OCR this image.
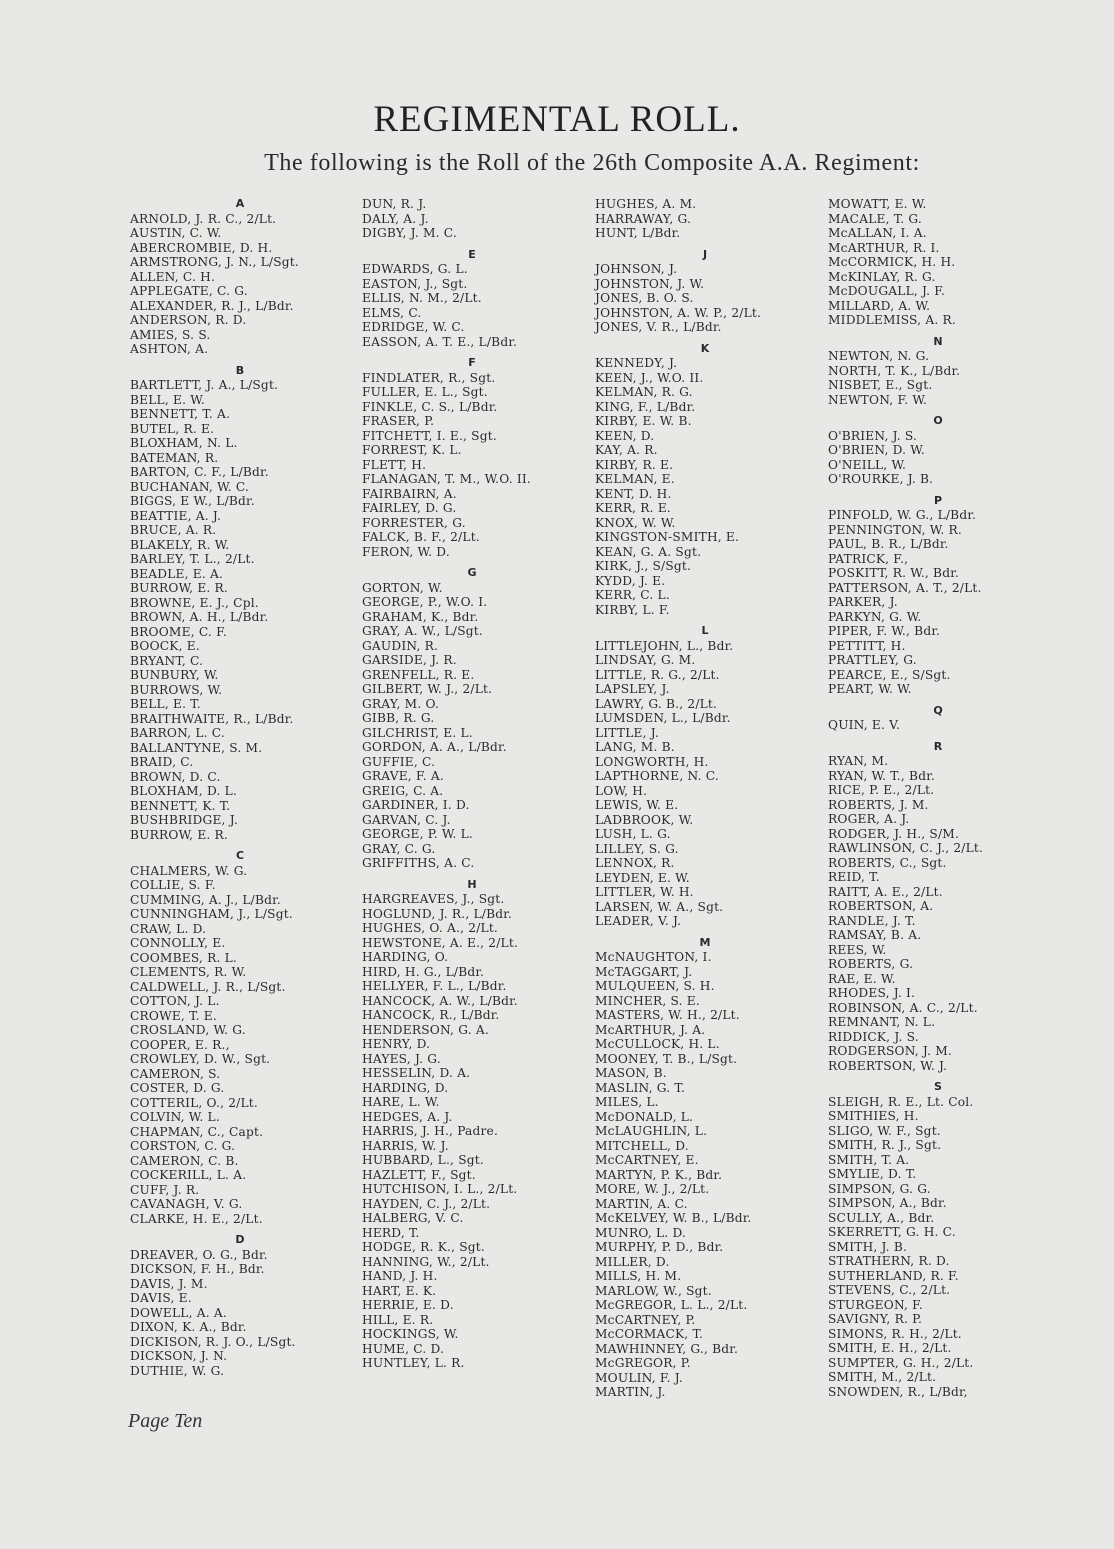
REGIMENTAL ROLL.
The following is the Roll of the 26th Composite A.A. Regiment:
A
ARNOLD, J. R. C., 2/Lt.
AUSTIN, C. W.
ABERCROMBIE, D. H.
ARMSTRONG, J. N., L/Sgt.
ALLEN, C. H.
APPLEGATE, C. G.
ALEXANDER, R. J., L/Bdr.
ANDERSON, R. D.
AMIES, S. S.
ASHTON, A.
B
BARTLETT, J. A., L/Sgt.
BELL, E. W.
BENNETT, T. A.
BUTEL, R. E.
BLOXHAM, N. L.
BATEMAN, R.
BARTON, C. F., L/Bdr.
BUCHANAN, W. C.
BIGGS, E W., L/Bdr.
BEATTIE, A. J.
BRUCE, A. R.
BLAKELY, R. W.
BARLEY, T. L., 2/Lt.
BEADLE, E. A.
BURROW, E. R.
BROWNE, E. J., Cpl.
BROWN, A. H., L/Bdr.
BROOME, C. F.
BOOCK, E.
BRYANT, C.
BUNBURY, W.
BURROWS, W.
BELL, E. T.
BRAITHWAITE, R., L/Bdr.
BARRON, L. C.
BALLANTYNE, S. M.
BRAID, C.
BROWN, D. C.
BLOXHAM, D. L.
BENNETT, K. T.
BUSHBRIDGE, J.
BURROW, E. R.
C
CHALMERS, W. G.
COLLIE, S. F.
CUMMING, A. J., L/Bdr.
CUNNINGHAM, J., L/Sgt.
CRAW, L. D.
CONNOLLY, E.
COOMBES, R. L.
CLEMENTS, R. W.
CALDWELL, J. R., L/Sgt.
COTTON, J. L.
CROWE, T. E.
CROSLAND, W. G.
COOPER, E. R.,
CROWLEY, D. W., Sgt.
CAMERON, S.
COSTER, D. G.
COTTERIL, O., 2/Lt.
COLVIN, W. L.
CHAPMAN, C., Capt.
CORSTON, C. G.
CAMERON, C. B.
COCKERILL, L. A.
CUFF, J. R.
CAVANAGH, V. G.
CLARKE, H. E., 2/Lt.
D
DREAVER, O. G., Bdr.
DICKSON, F. H., Bdr.
DAVIS, J. M.
DAVIS, E.
DOWELL, A. A.
DIXON, K. A., Bdr.
DICKISON, R. J. O., L/Sgt.
DICKSON, J. N.
DUTHIE, W. G.
DUN, R. J.
DALY, A. J.
DIGBY, J. M. C.
E
EDWARDS, G. L.
EASTON, J., Sgt.
ELLIS, N. M., 2/Lt.
ELMS, C.
EDRIDGE, W. C.
EASSON, A. T. E., L/Bdr.
F
FINDLATER, R., Sgt.
FULLER, E. L., Sgt.
FINKLE, C. S., L/Bdr.
FRASER, P.
FITCHETT, I. E., Sgt.
FORREST, K. L.
FLETT, H.
FLANAGAN, T. M., W.O. II.
FAIRBAIRN, A.
FAIRLEY, D. G.
FORRESTER, G.
FALCK, B. F., 2/Lt.
FERON, W. D.
G
GORTON, W.
GEORGE, P., W.O. I.
GRAHAM, K., Bdr.
GRAY, A. W., L/Sgt.
GAUDIN, R.
GARSIDE, J. R.
GRENFELL, R. E.
GILBERT, W. J., 2/Lt.
GRAY, M. O.
GIBB, R. G.
GILCHRIST, E. L.
GORDON, A. A., L/Bdr.
GUFFIE, C.
GRAVE, F. A.
GREIG, C. A.
GARDINER, I. D.
GARVAN, C. J.
GEORGE, P. W. L.
GRAY, C. G.
GRIFFITHS, A. C.
H
HARGREAVES, J., Sgt.
HOGLUND, J. R., L/Bdr.
HUGHES, O. A., 2/Lt.
HEWSTONE, A. E., 2/Lt.
HARDING, O.
HIRD, H. G., L/Bdr.
HELLYER, F. L., L/Bdr.
HANCOCK, A. W., L/Bdr.
HANCOCK, R., L/Bdr.
HENDERSON, G. A.
HENRY, D.
HAYES, J. G.
HESSELIN, D. A.
HARDING, D.
HARE, L. W.
HEDGES, A. J.
HARRIS, J. H., Padre.
HARRIS, W. J.
HUBBARD, L., Sgt.
HAZLETT, F., Sgt.
HUTCHISON, I. L., 2/Lt.
HAYDEN, C. J., 2/Lt.
HALBERG, V. C.
HERD, T.
HODGE, R. K., Sgt.
HANNING, W., 2/Lt.
HAND, J. H.
HART, E. K.
HERRIE, E. D.
HILL, E. R.
HOCKINGS, W.
HUME, C. D.
HUNTLEY, L. R.
HUGHES, A. M.
HARRAWAY, G.
HUNT, L/Bdr.
J
JOHNSON, J.
JOHNSTON, J. W.
JONES, B. O. S.
JOHNSTON, A. W. P., 2/Lt.
JONES, V. R., L/Bdr.
K
KENNEDY, J.
KEEN, J., W.O. II.
KELMAN, R. G.
KING, F., L/Bdr.
KIRBY, E. W. B.
KEEN, D.
KAY, A. R.
KIRBY, R. E.
KELMAN, E.
KENT, D. H.
KERR, R. E.
KNOX, W. W.
KINGSTON-SMITH, E.
KEAN, G. A. Sgt.
KIRK, J., S/Sgt.
KYDD, J. E.
KERR, C. L.
KIRBY, L. F.
L
LITTLEJOHN, L., Bdr.
LINDSAY, G. M.
LITTLE, R. G., 2/Lt.
LAPSLEY, J.
LAWRY, G. B., 2/Lt.
LUMSDEN, L., L/Bdr.
LITTLE, J.
LANG, M. B.
LONGWORTH, H.
LAPTHORNE, N. C.
LOW, H.
LEWIS, W. E.
LADBROOK, W.
LUSH, L. G.
LILLEY, S. G.
LENNOX, R.
LEYDEN, E. W.
LITTLER, W. H.
LARSEN, W. A., Sgt.
LEADER, V. J.
M
McNAUGHTON, I.
McTAGGART, J.
MULQUEEN, S. H.
MINCHER, S. E.
MASTERS, W. H., 2/Lt.
McARTHUR, J. A.
McCULLOCK, H. L.
MOONEY, T. B., L/Sgt.
MASON, B.
MASLIN, G. T.
MILES, L.
McDONALD, L.
McLAUGHLIN, L.
MITCHELL, D.
McCARTNEY, E.
MARTYN, P. K., Bdr.
MORE, W. J., 2/Lt.
MARTIN, A. C.
McKELVEY, W. B., L/Bdr.
MUNRO, L. D.
MURPHY, P. D., Bdr.
MILLER, D.
MILLS, H. M.
MARLOW, W., Sgt.
McGREGOR, L. L., 2/Lt.
McCARTNEY, P.
McCORMACK, T.
MAWHINNEY, G., Bdr.
McGREGOR, P.
MOULIN, F. J.
MARTIN, J.
MOWATT, E. W.
MACALE, T. G.
McALLAN, I. A.
McARTHUR, R. I.
McCORMICK, H. H.
McKINLAY, R. G.
McDOUGALL, J. F.
MILLARD, A. W.
MIDDLEMISS, A. R.
N
NEWTON, N. G.
NORTH, T. K., L/Bdr.
NISBET, E., Sgt.
NEWTON, F. W.
O
O'BRIEN, J. S.
O'BRIEN, D. W.
O'NEILL, W.
O'ROURKE, J. B.
P
PINFOLD, W. G., L/Bdr.
PENNINGTON, W. R.
PAUL, B. R., L/Bdr.
PATRICK, F.,
POSKITT, R. W., Bdr.
PATTERSON, A. T., 2/Lt.
PARKER, J.
PARKYN, G. W.
PIPER, F. W., Bdr.
PETTITT, H.
PRATTLEY, G.
PEARCE, E., S/Sgt.
PEART, W. W.
Q
QUIN, E. V.
R
RYAN, M.
RYAN, W. T., Bdr.
RICE, P. E., 2/Lt.
ROBERTS, J. M.
ROGER, A. J.
RODGER, J. H., S/M.
RAWLINSON, C. J., 2/Lt.
ROBERTS, C., Sgt.
REID, T.
RAITT, A. E., 2/Lt.
ROBERTSON, A.
RANDLE, J. T.
RAMSAY, B. A.
REES, W.
ROBERTS, G.
RAE, E. W.
RHODES, J. I.
ROBINSON, A. C., 2/Lt.
REMNANT, N. L.
RIDDICK, J. S.
RODGERSON, J. M.
ROBERTSON, W. J.
S
SLEIGH, R. E., Lt. Col.
SMITHIES, H.
SLIGO, W. F., Sgt.
SMITH, R. J., Sgt.
SMITH, T. A.
SMYLIE, D. T.
SIMPSON, G. G.
SIMPSON, A., Bdr.
SCULLY, A., Bdr.
SKERRETT, G. H. C.
SMITH, J. B.
STRATHERN, R. D.
SUTHERLAND, R. F.
STEVENS, C., 2/Lt.
STURGEON, F.
SAVIGNY, R. P.
SIMONS, R. H., 2/Lt.
SMITH, E. H., 2/Lt.
SUMPTER, G. H., 2/Lt.
SMITH, M., 2/Lt.
SNOWDEN, R., L/Bdr,
Page Ten
